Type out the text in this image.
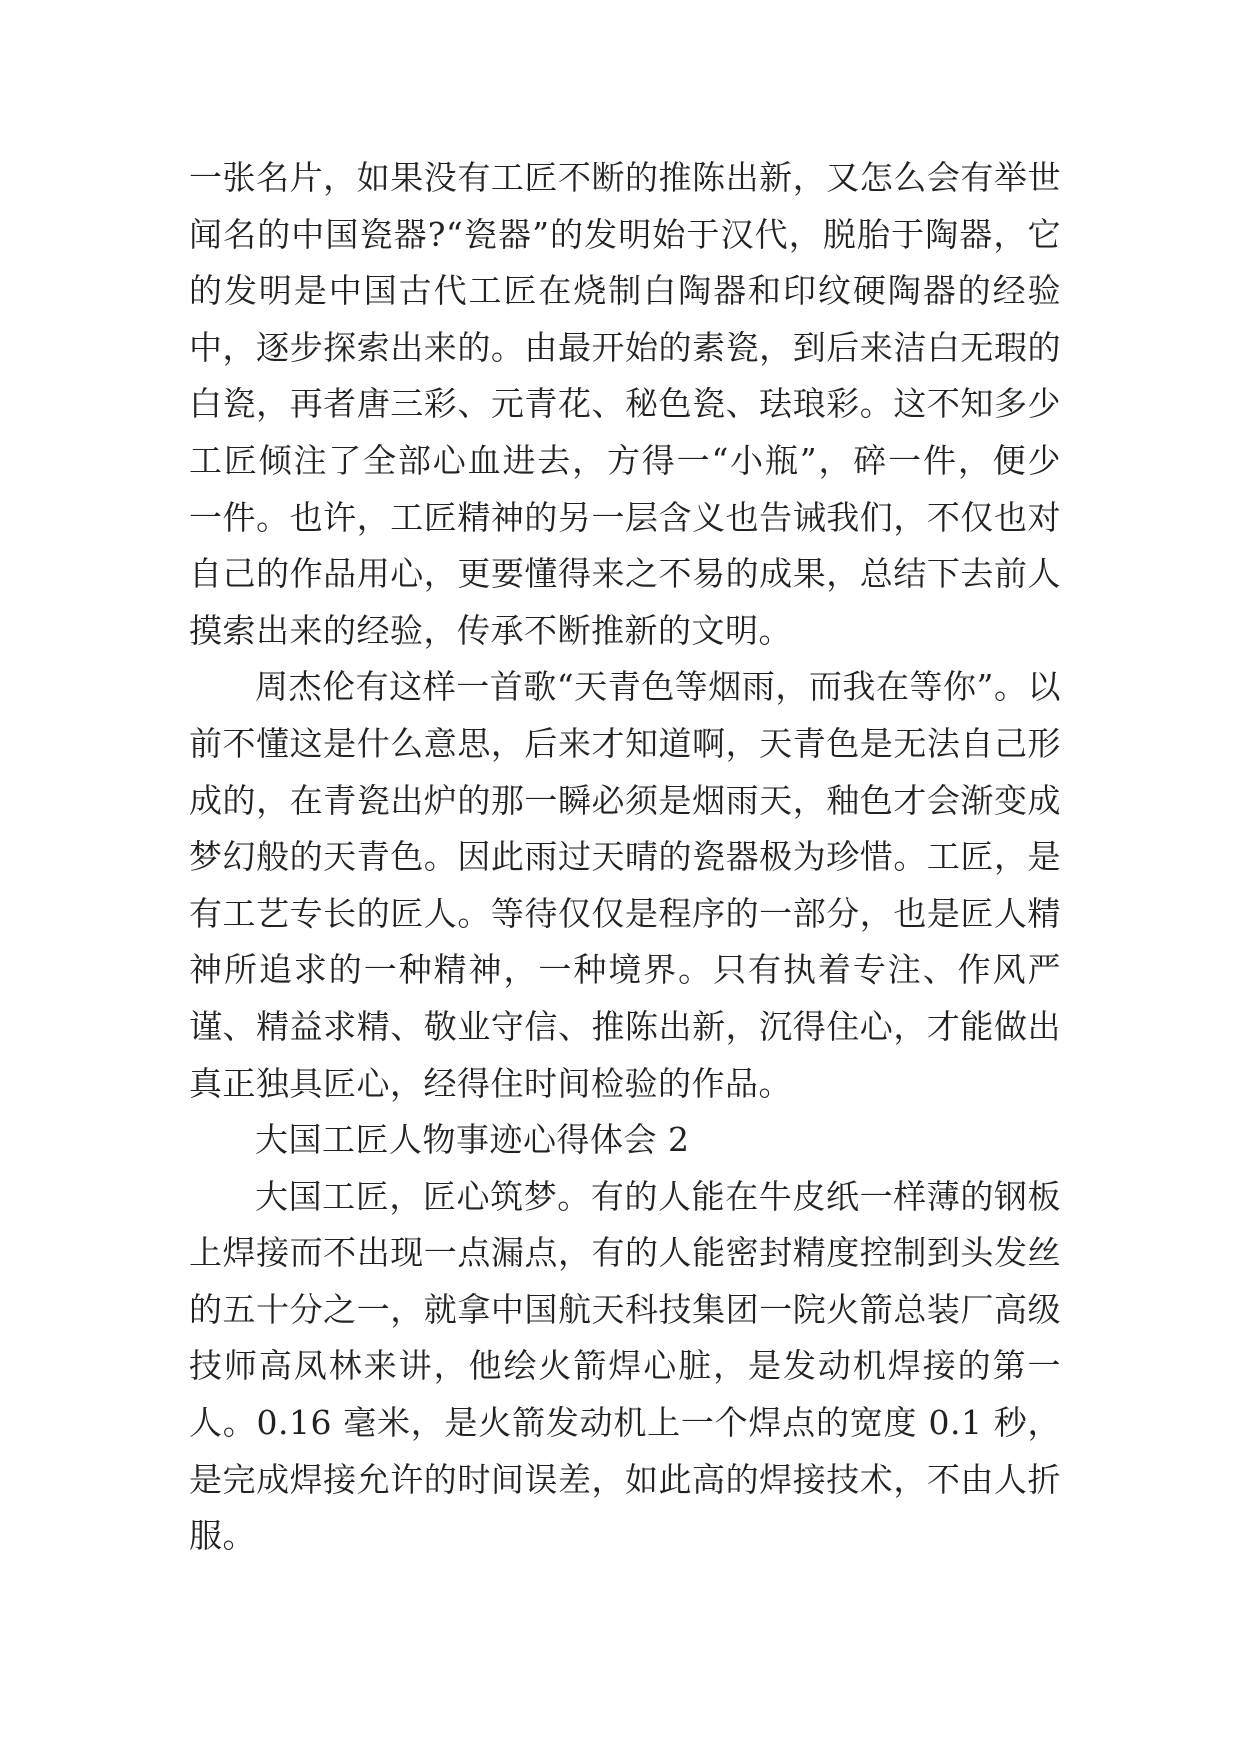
一张名片，如果没有工匠不断的推陈出新，又怎么会有举世闻名的中国瓷器?“瓷器”的发明始于汉代，脱胎于陶器，它的发明是中国古代工匠在烧制白陶器和印纹硬陶器的经验中，逐步探索出来的。由最开始的素瓷，到后来洁白无瑕的白瓷，再者唐三彩、元青花、秘色瓷、珐琅彩。这不知多少工匠倾注了全部心血进去，方得一“小瓶”，碎一件，便少一件。也许，工匠精神的另一层含义也告诫我们，不仅也对自己的作品用心，更要懂得来之不易的成果，总结下去前人摸索出来的经验，传承不断推新的文明。

周杰伦有这样一首歌“天青色等烟雨，而我在等你”。以前不懂这是什么意思，后来才知道啊，天青色是无法自己形成的，在青瓷出炉的那一瞬必须是烟雨天，釉色才会渐变成梦幻般的天青色。因此雨过天晴的瓷器极为珍惜。工匠，是有工艺专长的匠人。等待仅仅是程序的一部分，也是匠人精神所追求的一种精神，一种境界。只有执着专注、作风严谨、精益求精、敬业守信、推陈出新，沉得住心，才能做出真正独具匠心，经得住时间检验的作品。

大国工匠人物事迹心得体会 2

大国工匠，匠心筑梦。有的人能在牛皮纸一样薄的钢板上焊接而不出现一点漏点，有的人能密封精度控制到头发丝的五十分之一，就拿中国航天科技集团一院火箭总装厂高级技师高凤林来讲，他绘火箭焊心脏，是发动机焊接的第一人。0.16 毫米，是火箭发动机上一个焊点的宽度 0.1 秒，是完成焊接允许的时间误差，如此高的焊接技术，不由人折服。
